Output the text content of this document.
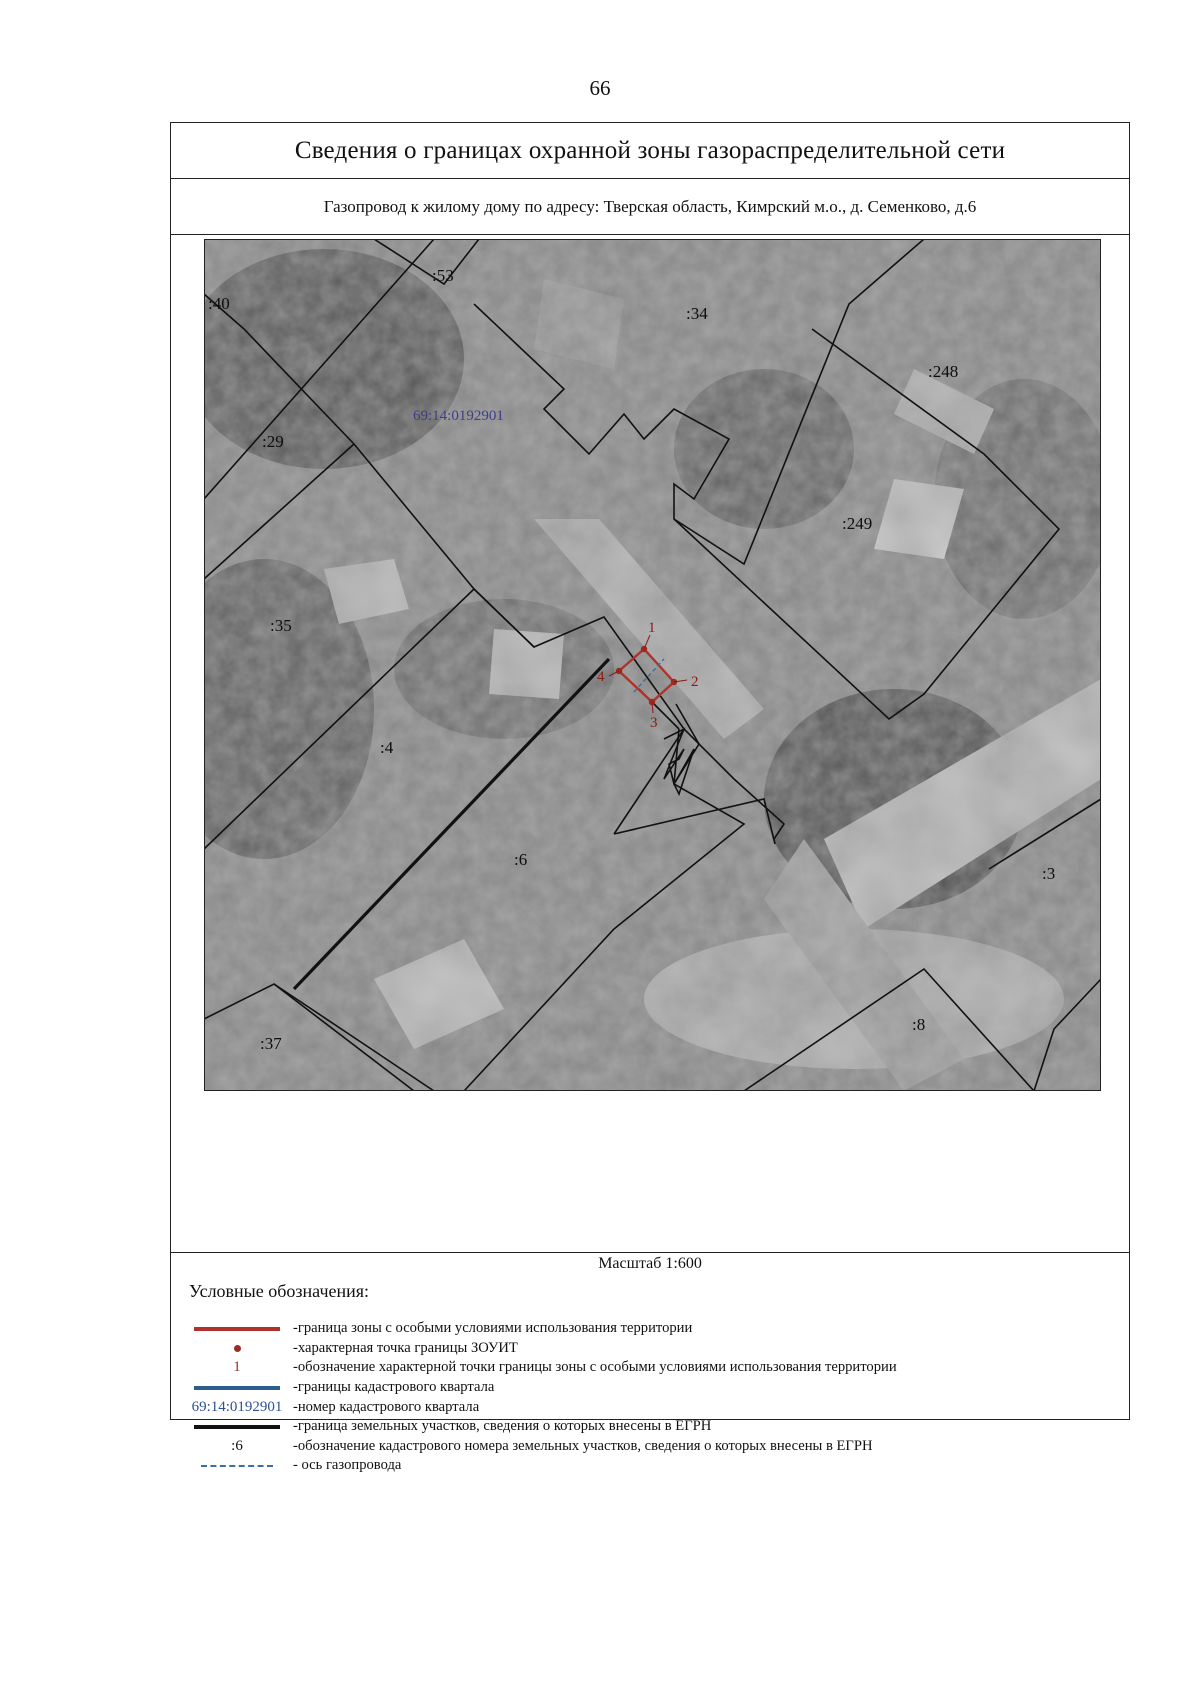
66
Сведения о границах охранной зоны газораспределительной сети
Газопровод к жилому дому по адресу: Тверская область, Кимрский м.о., д. Семенково, д.6
1
2
3
4
69:14:0192901
:53
:40
:34
:248
:29
:249
:35
:4
:6
:3
:37
:8
Масштаб 1:600
Условные обозначения:
-граница зоны с особыми условиями использования территории
-характерная точка границы ЗОУИТ
1	-обозначение характерной точки границы зоны с особыми условиями использования территории
-границы кадастрового квартала
69:14:0192901 -номер кадастрового квартала
-граница земельных участков, сведения о которых внесены в ЕГРН
:6	-обозначение кадастрового номера земельных участков, сведения о которых внесены в ЕГРН
- ось газопровода
